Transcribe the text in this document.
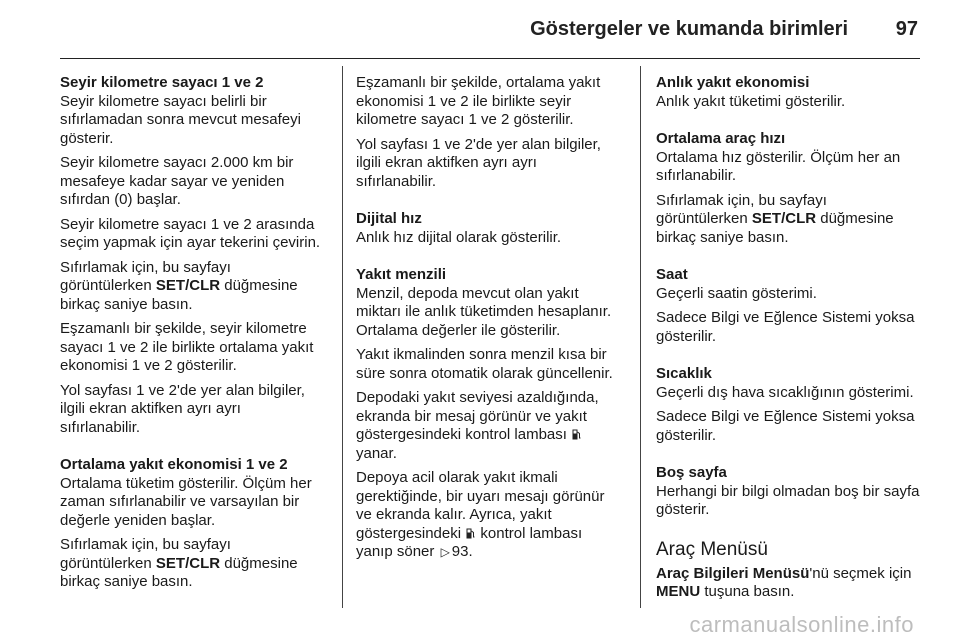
Göstergeler ve kumanda birimleri 97
Seyir kilometre sayacı 1 ve 2

Seyir kilometre sayacı belirli bir sıfırlamadan sonra mevcut mesafeyi gösterir.

Seyir kilometre sayacı 2.000 km bir mesafeye kadar sayar ve yeniden sıfırdan (0) başlar.

Seyir kilometre sayacı 1 ve 2 arasında seçim yapmak için ayar tekerini çevirin.

Sıfırlamak için, bu sayfayı görüntülerken SET/CLR düğmesine birkaç saniye basın.

Eşzamanlı bir şekilde, seyir kilometre sayacı 1 ve 2 ile birlikte ortalama yakıt ekonomisi 1 ve 2 gösterilir.

Yol sayfası 1 ve 2'de yer alan bilgiler, ilgili ekran aktifken ayrı ayrı sıfırlanabilir.

Ortalama yakıt ekonomisi 1 ve 2

Ortalama tüketim gösterilir. Ölçüm her zaman sıfırlanabilir ve varsayılan bir değerle yeniden başlar.

Sıfırlamak için, bu sayfayı görüntülerken SET/CLR düğmesine birkaç saniye basın.

Eşzamanlı bir şekilde, ortalama yakıt ekonomisi 1 ve 2 ile birlikte seyir kilometre sayacı 1 ve 2 gösterilir.

Yol sayfası 1 ve 2'de yer alan bilgiler, ilgili ekran aktifken ayrı ayrı sıfırlanabilir.

Dijital hız

Anlık hız dijital olarak gösterilir.

Yakıt menzili

Menzil, depoda mevcut olan yakıt miktarı ile anlık tüketimden hesaplanır. Ortalama değerler ile gösterilir.

Yakıt ikmalinden sonra menzil kısa bir süre sonra otomatik olarak güncellenir.

Depodaki yakıt seviyesi azaldığında, ekranda bir mesaj görünür ve yakıt göstergesindeki kontrol lambası  yanar.

Depoya acil olarak yakıt ikmali gerektiğinde, bir uyarı mesajı görünür ve ekranda kalır. Ayrıca, yakıt göstergesindeki  kontrol lambası yanıp söner ▷ 93.

Anlık yakıt ekonomisi

Anlık yakıt tüketimi gösterilir.

Ortalama araç hızı

Ortalama hız gösterilir. Ölçüm her an sıfırlanabilir.

Sıfırlamak için, bu sayfayı görüntülerken SET/CLR düğmesine birkaç saniye basın.

Saat

Geçerli saatin gösterimi.

Sadece Bilgi ve Eğlence Sistemi yoksa gösterilir.

Sıcaklık

Geçerli dış hava sıcaklığının gösterimi.

Sadece Bilgi ve Eğlence Sistemi yoksa gösterilir.

Boş sayfa

Herhangi bir bilgi olmadan boş bir sayfa gösterir.

Araç Menüsü

Araç Bilgileri Menüsü'nü seçmek için MENU tuşuna basın.

carmanualsonline.info
